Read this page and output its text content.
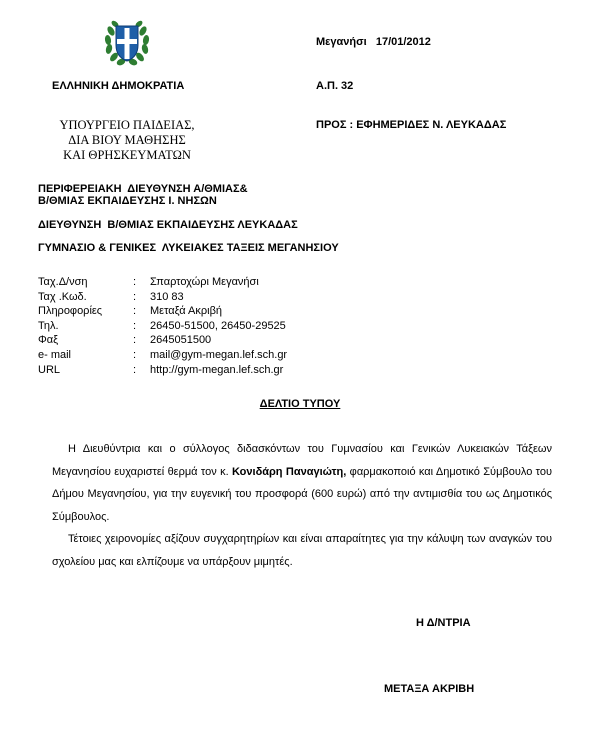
ΕΛΛΗΝΙΚΗ ΔΗΜΟΚΡΑΤΙΑ
ΥΠΟΥΡΓΕΙΟ ΠΑΙΔΕΙΑΣ,
ΔΙΑ ΒΙΟΥ ΜΑΘΗΣΗΣ
ΚΑΙ ΘΡΗΣΚΕΥΜΑΤΩΝ
Μεγανήσι   17/01/2012
Α.Π. 32
ΠΡΟΣ : ΕΦΗΜΕΡΙΔΕΣ Ν. ΛΕΥΚΑΔΑΣ
ΠΕΡΙΦΕΡΕΙΑΚΗ  ΔΙΕΥΘΥΝΣΗ Α/ΘΜΙΑΣ&
Β/ΘΜΙΑΣ ΕΚΠΑΙΔΕΥΣΗΣ Ι. ΝΗΣΩΝ
ΔΙΕΥΘΥΝΣΗ  Β/ΘΜΙΑΣ ΕΚΠΑΙΔΕΥΣΗΣ ΛΕΥΚΑΔΑΣ
ΓΥΜΝΑΣΙΟ & ΓΕΝΙΚΕΣ  ΛΥΚΕΙΑΚΕΣ ΤΑΞΕΙΣ ΜΕΓΑΝΗΣΙΟΥ
Ταχ.Δ/νση	:	Σπαρτοχώρι Μεγανήσι
Ταχ .Κωδ.	:	310 83
Πληροφορίες	:	Μεταξά Ακριβή
Τηλ.	:	26450-51500, 26450-29525
Φαξ	:	2645051500
e- mail	:	mail@gym-megan.lef.sch.gr
URL	:	http://gym-megan.lef.sch.gr
ΔΕΛΤΙΟ ΤΥΠΟΥ

Η Διευθύντρια και ο σύλλογος διδασκόντων του Γυμνασίου και Γενικών Λυκειακών Τάξεων Μεγανησίου ευχαριστεί θερμά τον κ. Κονιδάρη Παναγιώτη, φαρμακοποιό και Δημοτικό Σύμβουλο του Δήμου Μεγανησίου, για την ευγενική του προσφορά (600 ευρώ) από την αντιμισθία του ως Δημοτικός Σύμβουλος.

Τέτοιες χειρονομίες αξίζουν συγχαρητηρίων και είναι απαραίτητες για την κάλυψη των αναγκών του σχολείου μας και ελπίζουμε να υπάρξουν μιμητές.

Η Δ/ΝΤΡΙΑ
ΜΕΤΑΞΑ ΑΚΡΙΒΗ
